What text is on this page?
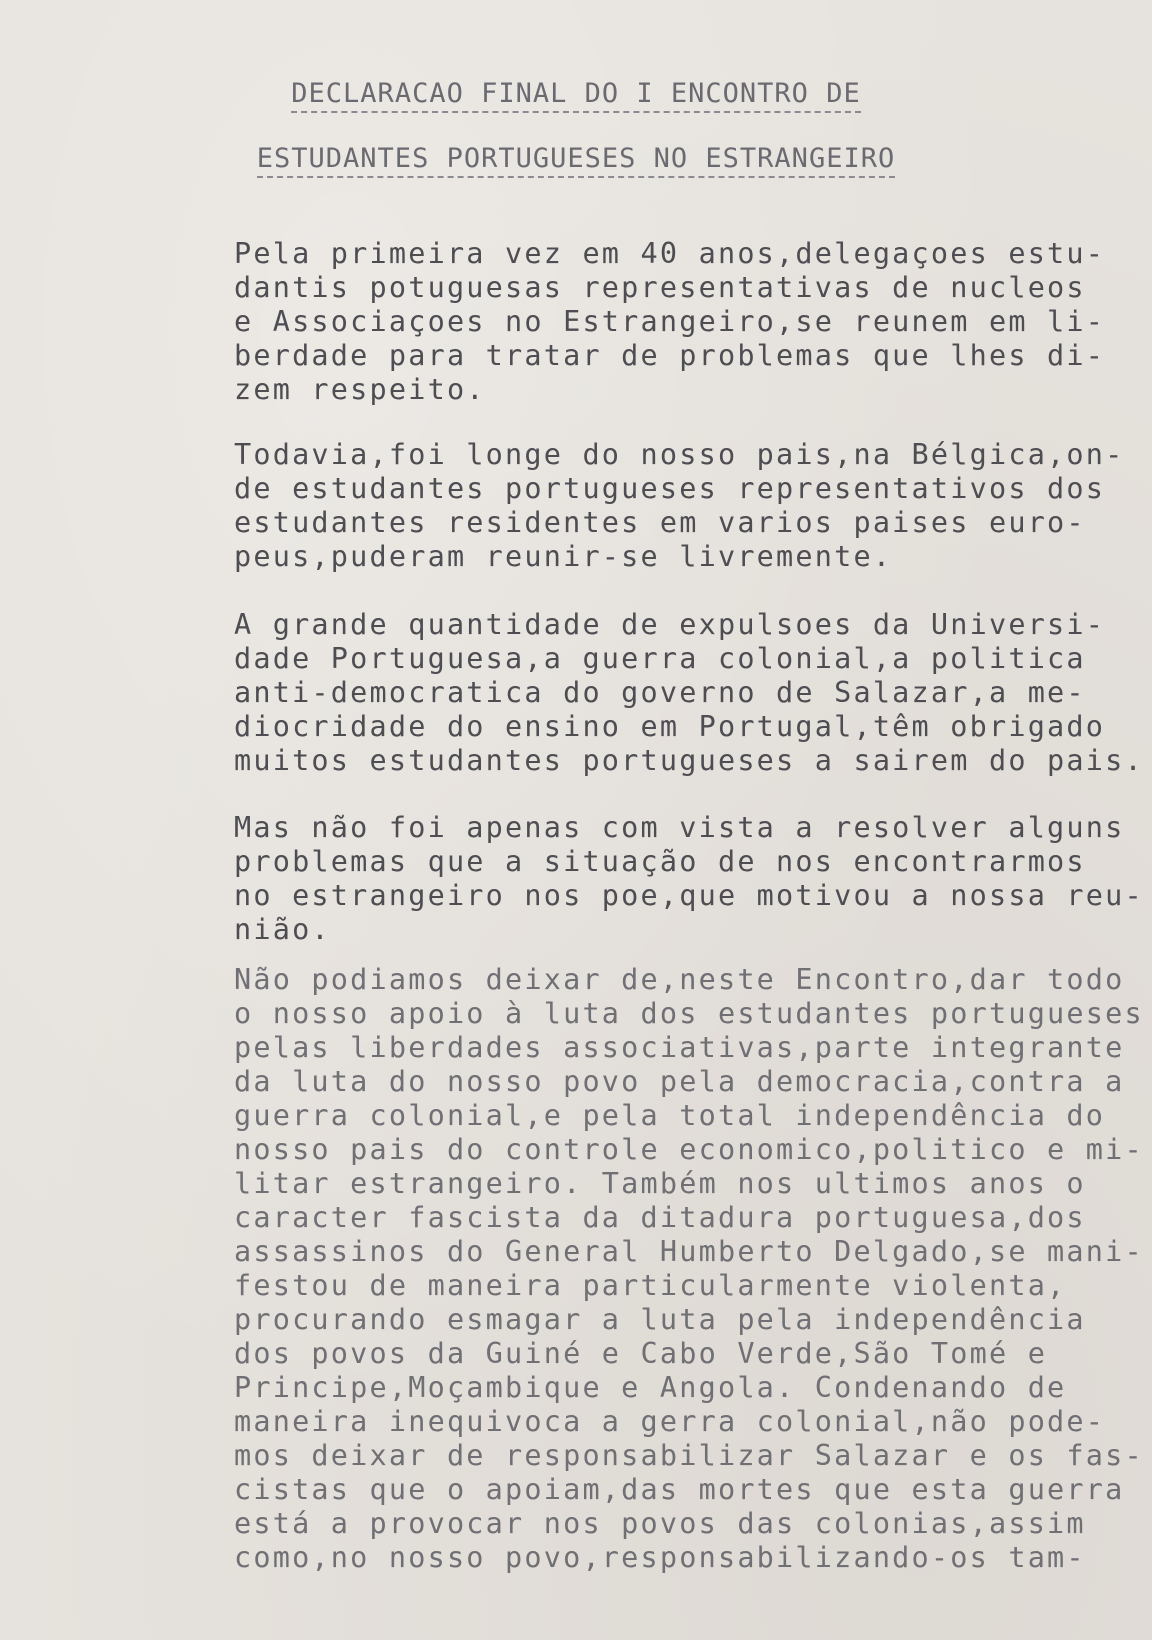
DECLARACAO FINAL DO I ENCONTRO DE
ESTUDANTES PORTUGUESES NO ESTRANGEIRO
Pela primeira vez em 40 anos,delegaçoes estu-
dantis potuguesas representativas de nucleos
e Associaçoes no Estrangeiro,se reunem em li-
berdade para tratar de problemas que lhes di-
zem respeito.
Todavia,foi longe do nosso pais,na Bélgica,on-
de estudantes portugueses representativos dos
estudantes residentes em varios paises euro-
peus,puderam reunir-se livremente.
A grande quantidade de expulsoes da Universi-
dade Portuguesa,a guerra colonial,a politica
anti-democratica do governo de Salazar,a me-
diocridade do ensino em Portugal,têm obrigado
muitos estudantes portugueses a sairem do pais.
Mas não foi apenas com vista a resolver alguns
problemas que a situação de nos encontrarmos
no estrangeiro nos poe,que motivou a nossa reu-
nião.
Não podiamos deixar de,neste Encontro,dar todo
o nosso apoio à luta dos estudantes portugueses
pelas liberdades associativas,parte integrante
da luta do nosso povo pela democracia,contra a
guerra colonial,e pela total independência do
nosso pais do controle economico,politico e mi-
litar estrangeiro. Também nos ultimos anos o
caracter fascista da ditadura portuguesa,dos
assassinos do General Humberto Delgado,se mani-
festou de maneira particularmente violenta,
procurando esmagar a luta pela independência
dos povos da Guiné e Cabo Verde,São Tomé e
Principe,Moçambique e Angola. Condenando de
maneira inequivoca a gerra colonial,não pode-
mos deixar de responsabilizar Salazar e os fas-
cistas que o apoiam,das mortes que esta guerra
está a provocar nos povos das colonias,assim
como,no nosso povo,responsabilizando-os tam-
